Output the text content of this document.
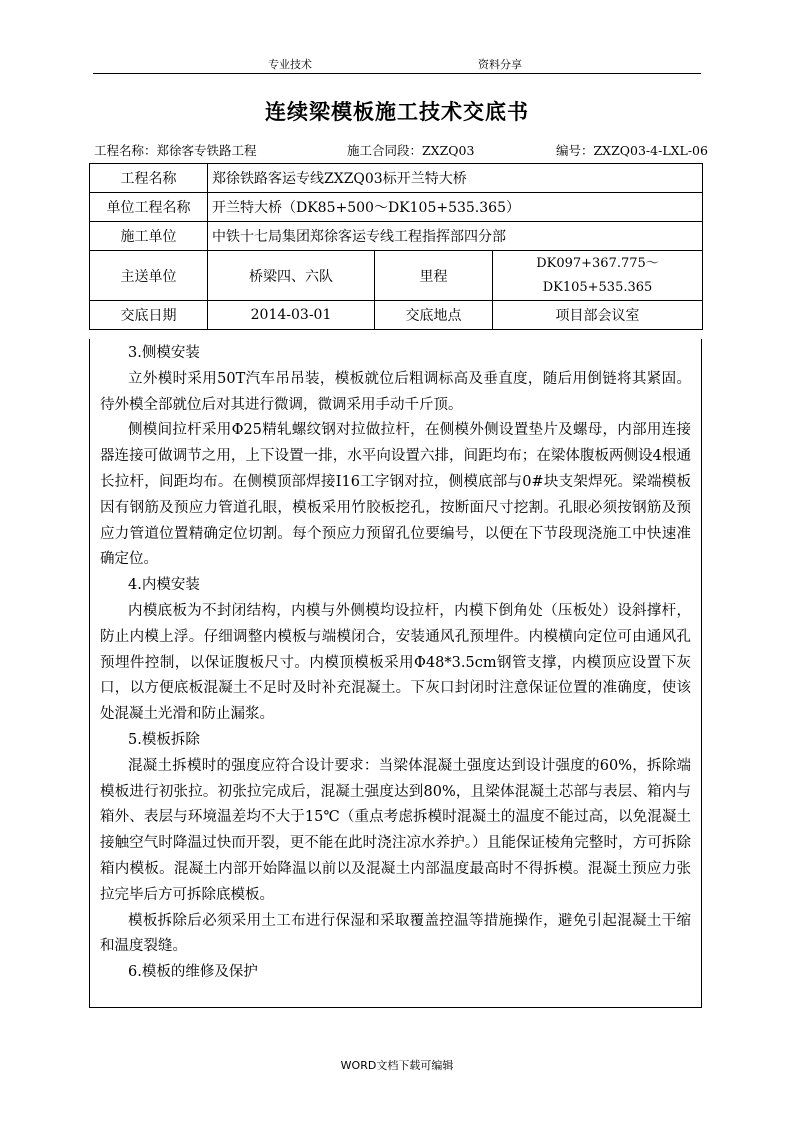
专业技术	资料分享
连续梁模板施工技术交底书
工程名称：郑徐客专铁路工程	施工合同段：ZXZQ03	编号：ZXZQ03-4-LXL-06
工程名称	郑徐铁路客运专线ZXZQ03标开兰特大桥		
单位工程名称	开兰特大桥（DK85+500～DK105+535.365）		
施工单位	中铁十七局集团郑徐客运专线工程指挥部四分部		
主送单位	桥梁四、六队	里程	DK097+367.775～
DK105+535.365

交底日期	2014-03-01	交底地点	项目部会议室

3.侧模安装

立外模时采用50T汽车吊吊装，模板就位后粗调标高及垂直度，随后用倒链将其紧固。待外模全部就位后对其进行微调，微调采用手动千斤顶。

侧模间拉杆采用Φ25精轧螺纹钢对拉做拉杆，在侧模外侧设置垫片及螺母，内部用连接器连接可做调节之用，上下设置一排，水平向设置六排，间距均布；在梁体腹板两侧设4根通长拉杆，间距均布。在侧模顶部焊接I16工字钢对拉，侧模底部与0#块支架焊死。梁端模板因有钢筋及预应力管道孔眼，模板采用竹胶板挖孔，按断面尺寸挖割。孔眼必须按钢筋及预应力管道位置精确定位切割。每个预应力预留孔位要编号，以便在下节段现浇施工中快速准确定位。

4.内模安装

内模底板为不封闭结构，内模与外侧模均设拉杆，内模下倒角处（压板处）设斜撑杆，防止内模上浮。仔细调整内模板与端模闭合，安装通风孔预埋件。内模横向定位可由通风孔预埋件控制，以保证腹板尺寸。内模顶模板采用Φ48*3.5cm钢管支撑，内模顶应设置下灰口，以方便底板混凝土不足时及时补充混凝土。下灰口封闭时注意保证位置的准确度，使该处混凝土光滑和防止漏浆。

5.模板拆除

混凝土拆模时的强度应符合设计要求：当梁体混凝土强度达到设计强度的60%，拆除端模板进行初张拉。初张拉完成后，混凝土强度达到80%，且梁体混凝土芯部与表层、箱内与箱外、表层与环境温差均不大于15℃（重点考虑拆模时混凝土的温度不能过高，以免混凝土接触空气时降温过快而开裂，更不能在此时浇注凉水养护。）且能保证棱角完整时，方可拆除箱内模板。混凝土内部开始降温以前以及混凝土内部温度最高时不得拆模。混凝土预应力张拉完毕后方可拆除底模板。

模板拆除后必须采用土工布进行保湿和采取覆盖控温等措施操作，避免引起混凝土干缩和温度裂缝。

6.模板的维修及保护

WORD文档下载可编辑
